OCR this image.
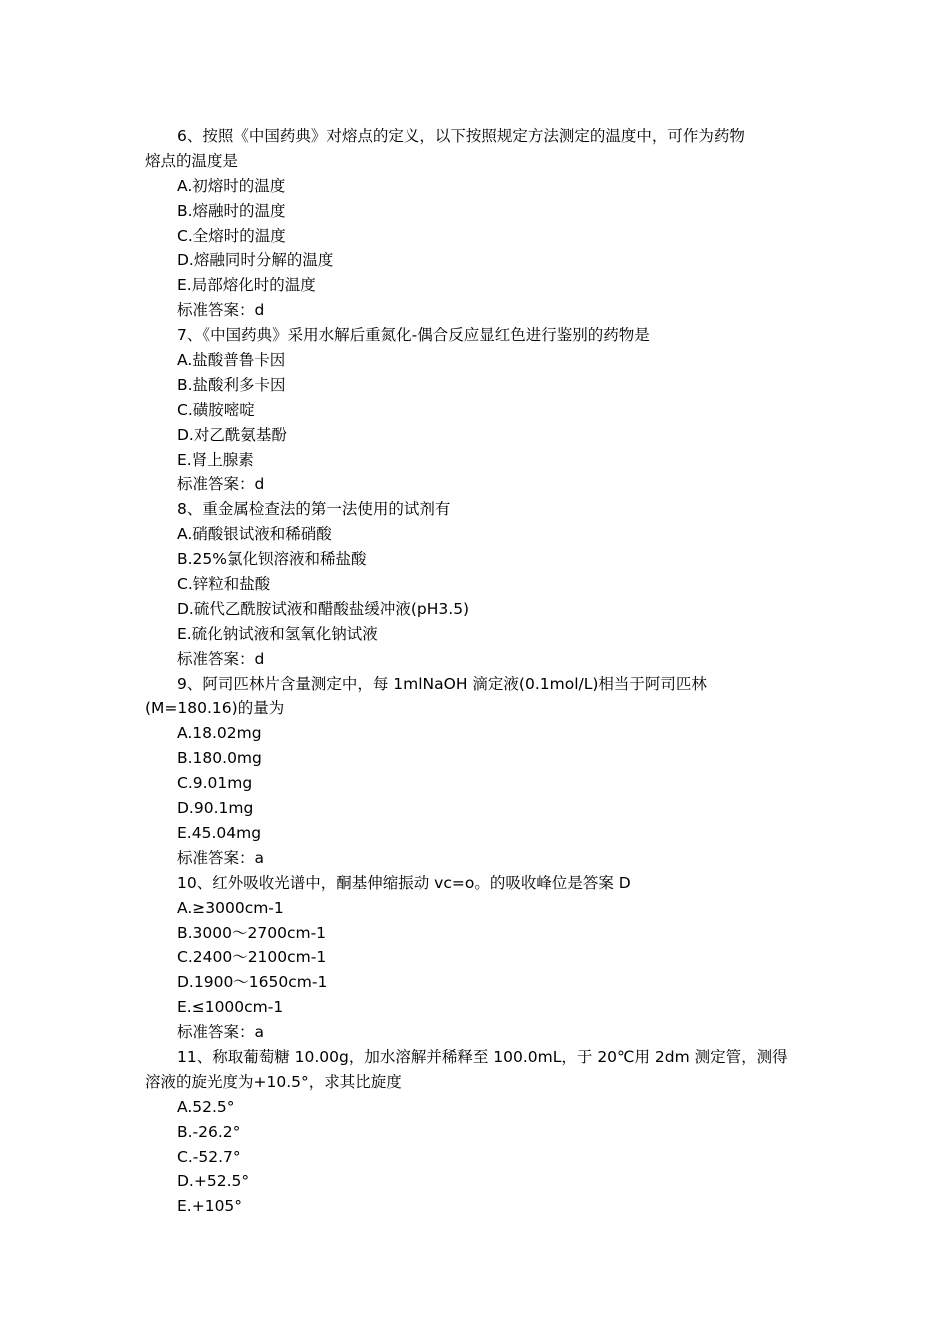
6、按照《中国药典》对熔点的定义，以下按照规定方法测定的温度中，可作为药物
熔点的温度是
A.初熔时的温度
B.熔融时的温度
C.全熔时的温度
D.熔融同时分解的温度
E.局部熔化时的温度
标准答案：d
7、《中国药典》采用水解后重氮化-偶合反应显红色进行鉴别的药物是
A.盐酸普鲁卡因
B.盐酸利多卡因
C.磺胺嘧啶
D.对乙酰氨基酚
E.肾上腺素
标准答案：d
8、重金属检查法的第一法使用的试剂有
A.硝酸银试液和稀硝酸
B.25%氯化钡溶液和稀盐酸
C.锌粒和盐酸
D.硫代乙酰胺试液和醋酸盐缓冲液(pH3.5)
E.硫化钠试液和氢氧化钠试液
标准答案：d
9、阿司匹林片含量测定中，每 1mlNaOH 滴定液(0.1mol/L)相当于阿司匹林
(M=180.16)的量为
A.18.02mg
B.180.0mg
C.9.01mg
D.90.1mg
E.45.04mg
标准答案：a
10、红外吸收光谱中，酮基伸缩振动 vc=o。的吸收峰位是答案 D
A.≥3000cm-1
B.3000～2700cm-1
C.2400～2100cm-1
D.1900～1650cm-1
E.≤1000cm-1
标准答案：a
11、称取葡萄糖 10.00g，加水溶解并稀释至 100.0mL，于 20℃用 2dm 测定管，测得
溶液的旋光度为+10.5°，求其比旋度
A.52.5°
B.-26.2°
C.-52.7°
D.+52.5°
E.+105°
